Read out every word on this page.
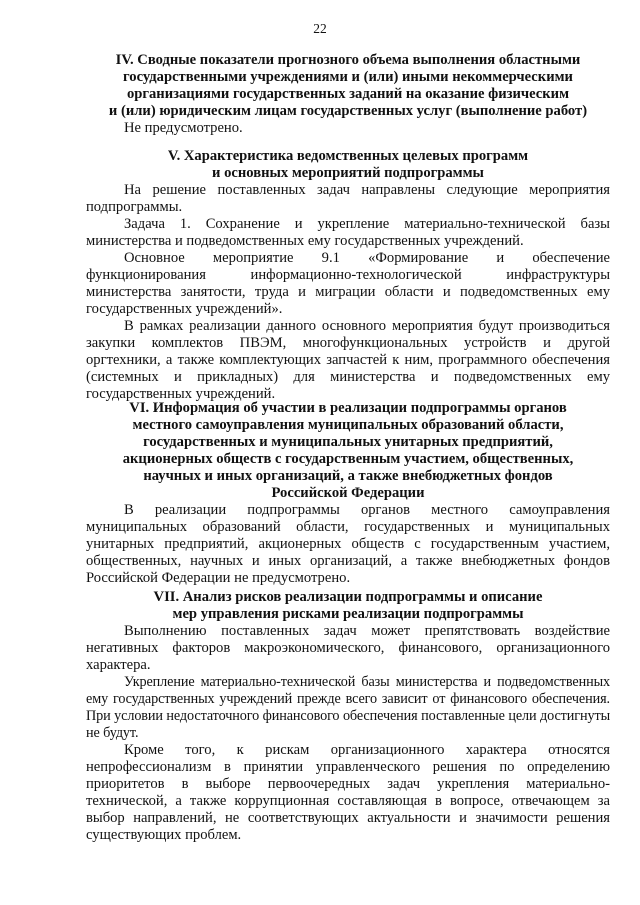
22
IV. Сводные показатели прогнозного объема выполнения областными
государственными учреждениями и (или) иными некоммерческими
организациями государственных заданий на оказание физическим
и (или) юридическим лицам государственных услуг (выполнение работ)

Не предусмотрено.

V. Характеристика ведомственных целевых программ
и основных мероприятий подпрограммы

На решение поставленных задач направлены следующие мероприятия подпрограммы.

Задача 1. Сохранение и укрепление материально-технической базы министерства и подведомственных ему государственных учреждений.

Основное мероприятие 9.1 «Формирование и обеспечение функционирования информационно-технологической инфраструктуры министерства занятости, труда и миграции области и подведомственных ему государственных учреждений».

В рамках реализации данного основного мероприятия будут производиться закупки комплектов ПВЭМ, многофункциональных устройств и другой оргтехники, а также комплектующих запчастей к ним, программного обеспечения (системных и прикладных) для министерства и подведомственных ему государственных учреждений.

VI. Информация об участии в реализации подпрограммы органов
местного самоуправления муниципальных образований области,
государственных и муниципальных унитарных предприятий,
акционерных обществ с государственным участием, общественных,
научных и иных организаций, а также внебюджетных фондов
Российской Федерации

В реализации подпрограммы органов местного самоуправления муниципальных образований области, государственных и муниципальных унитарных предприятий, акционерных обществ с государственным участием, общественных, научных и иных организаций, а также внебюджетных фондов Российской Федерации не предусмотрено.

VII. Анализ рисков реализации подпрограммы и описание
мер управления рисками реализации подпрограммы

Выполнению поставленных задач может препятствовать воздействие негативных факторов макроэкономического, финансового, организационного характера.

Укрепление материально-технической базы министерства и подведомственных ему государственных учреждений прежде всего зависит от финансового обеспечения. При условии недостаточного финансового обеспечения поставленные цели достигнуты не будут.

Кроме того, к рискам организационного характера относятся непрофессионализм в принятии управленческого решения по определению приоритетов в выборе первоочередных задач укрепления материально-технической, а также коррупционная составляющая в вопросе, отвечающем за выбор направлений, не соответствующих актуальности и значимости решения существующих проблем.
